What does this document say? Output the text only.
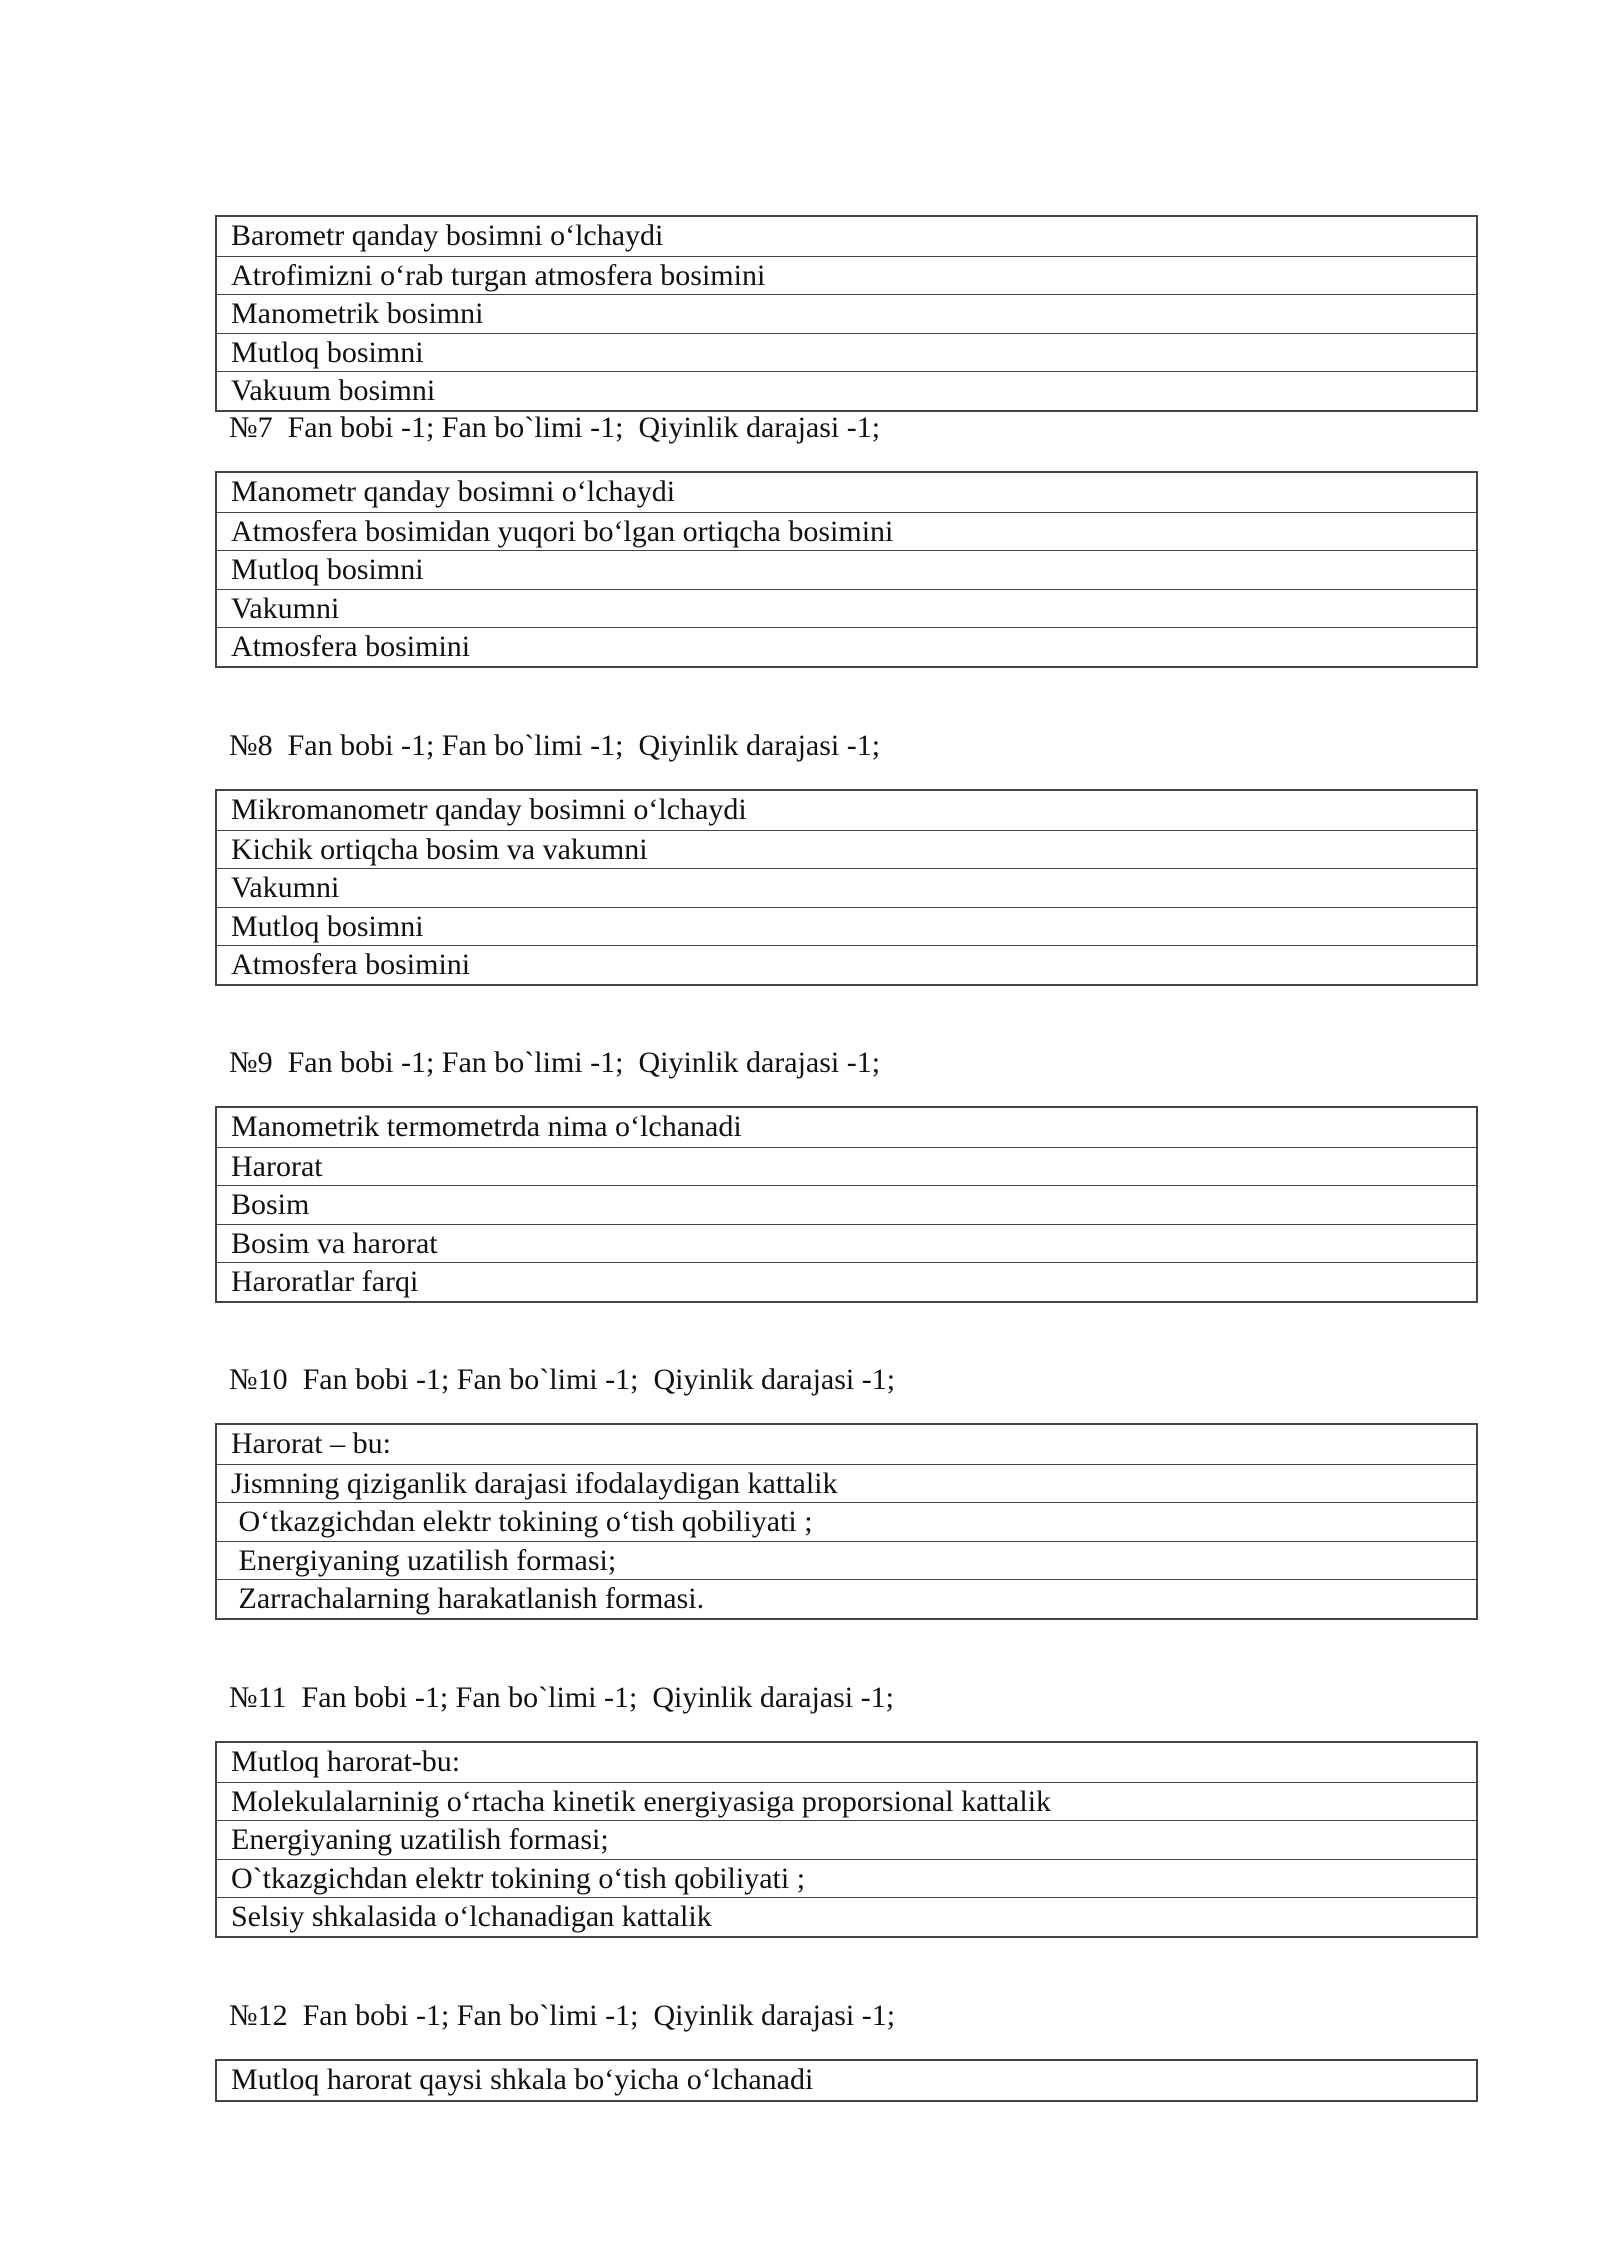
Barometr qanday bosimni o‘lchaydi
Atrofimizni o‘rab turgan atmosfera bosimini
Manometrik bosimni
Mutloq bosimni
Vakuum bosimni
№7  Fan bobi -1; Fan bo`limi -1;  Qiyinlik darajasi -1;
Manometr qanday bosimni o‘lchaydi
Atmosfera bosimidan yuqori bo‘lgan ortiqcha bosimini
Mutloq bosimni
Vakumni
Atmosfera bosimini
№8  Fan bobi -1; Fan bo`limi -1;  Qiyinlik darajasi -1;
Mikromanometr qanday bosimni o‘lchaydi
Kichik ortiqcha bosim va vakumni
Vakumni
Mutloq bosimni
Atmosfera bosimini
№9  Fan bobi -1; Fan bo`limi -1;  Qiyinlik darajasi -1;
Manometrik termometrda nima o‘lchanadi
Harorat
Bosim
Bosim va harorat
Haroratlar farqi
№10  Fan bobi -1; Fan bo`limi -1;  Qiyinlik darajasi -1;
Harorat – bu:
Jismning qiziganlik darajasi ifodalaydigan kattalik
O‘tkazgichdan elektr tokining o‘tish qobiliyati ;
Energiyaning uzatilish formasi;
Zarrachalarning harakatlanish formasi.
№11  Fan bobi -1; Fan bo`limi -1;  Qiyinlik darajasi -1;
Mutloq harorat-bu:
Molekulalarninig o‘rtacha kinetik energiyasiga proporsional kattalik
Energiyaning uzatilish formasi;
O`tkazgichdan elektr tokining o‘tish qobiliyati ;
Selsiy shkalasida o‘lchanadigan kattalik
№12  Fan bobi -1; Fan bo`limi -1;  Qiyinlik darajasi -1;
Mutloq harorat qaysi shkala bo‘yicha o‘lchanadi
